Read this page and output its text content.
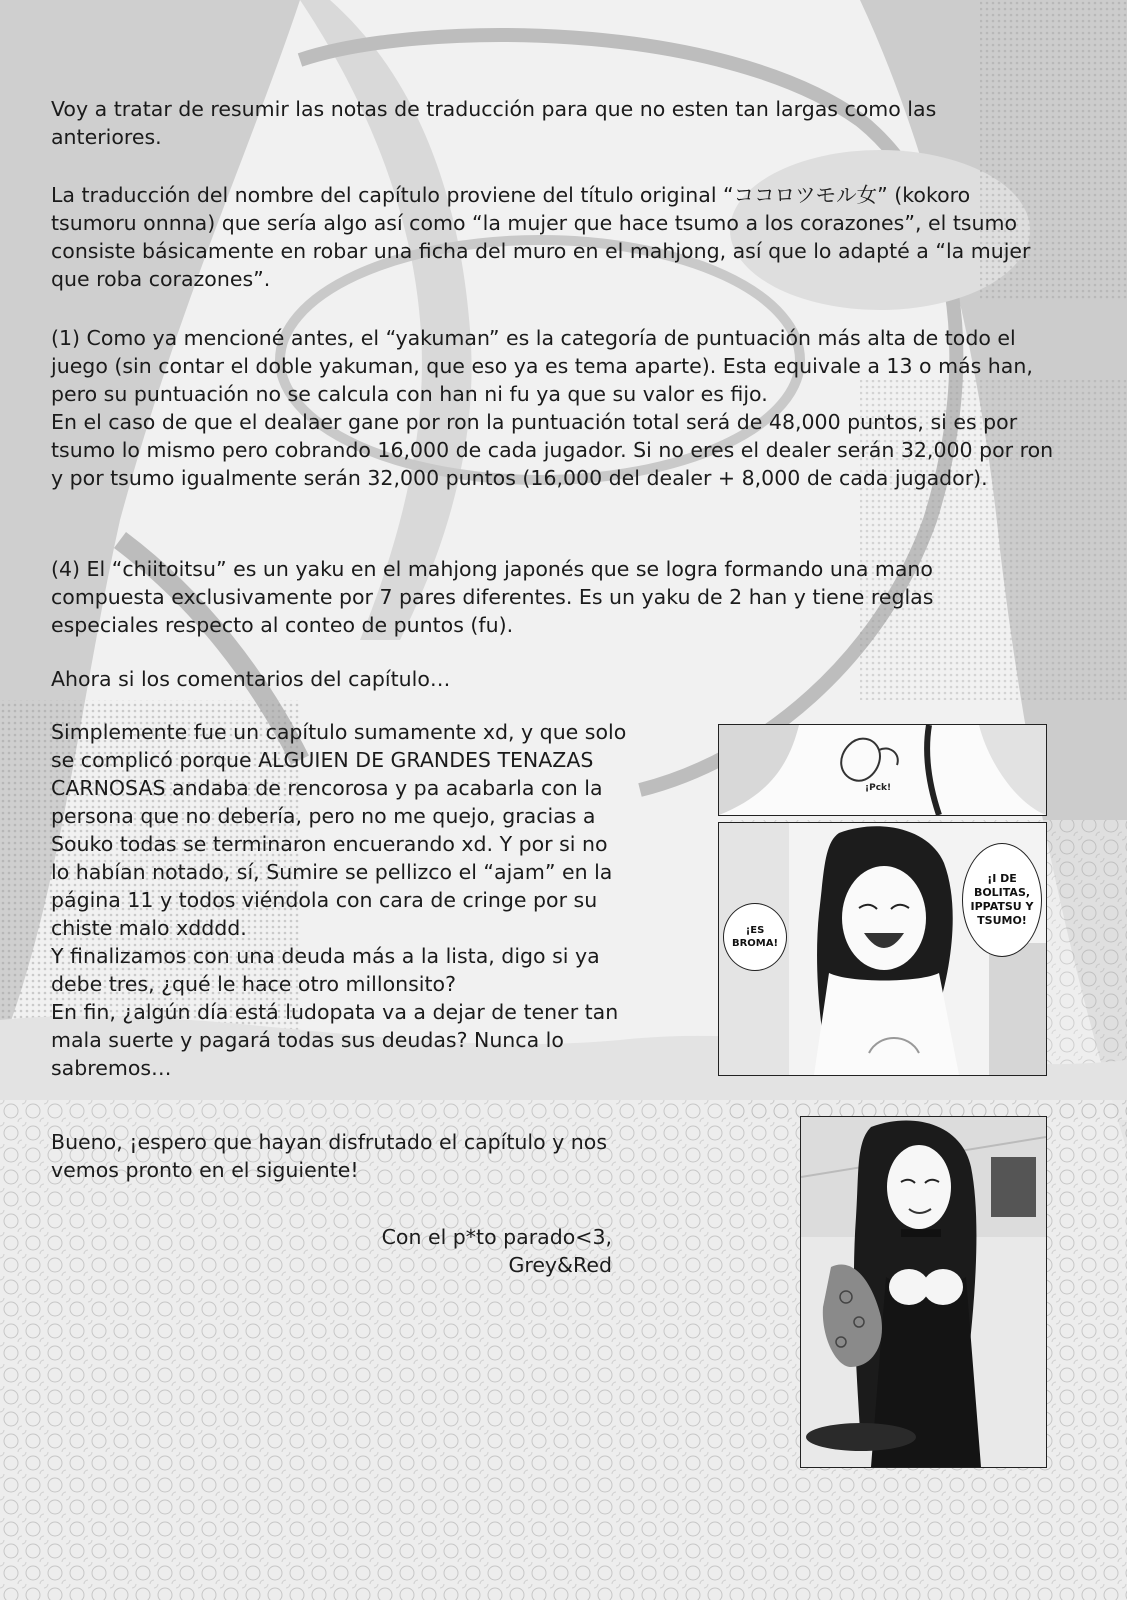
Voy a tratar de resumir las notas de traducción para que no esten tan largas como las anteriores.
La traducción del nombre del capítulo proviene del título original “ココロツモル女” (kokoro tsumoru onnna) que sería algo así como “la mujer que hace tsumo a los corazones”, el tsumo consiste básicamente en robar una ficha del muro en el mahjong, así que lo adapté a “la mujer que roba corazones”.
(1) Como ya mencioné antes, el “yakuman” es la categoría de puntuación más alta de todo el juego (sin contar el doble yakuman, que eso ya es tema aparte). Esta equivale a 13 o más han, pero su puntuación no se calcula con han ni fu ya que su valor es fijo.
En el caso de que el dealaer gane por ron la puntuación total será de 48,000 puntos, si es por tsumo lo mismo pero cobrando 16,000 de cada jugador. Si no eres el dealer serán 32,000 por ron y por tsumo igualmente serán 32,000 puntos (16,000 del dealer + 8,000 de cada jugador).
(4) El “chiitoitsu” es un yaku en el mahjong japonés que se logra formando una mano compuesta exclusivamente por 7 pares diferentes. Es un yaku de 2 han y tiene reglas especiales respecto al conteo de puntos (fu).
Ahora si los comentarios del capítulo…
Simplemente fue un capítulo sumamente xd, y que solo se complicó porque ALGUIEN DE GRANDES TENAZAS CARNOSAS andaba de rencorosa y pa acabarla con la persona que no debería, pero no me quejo, gracias a Souko todas se terminaron encuerando xd. Y por si no lo habían notado, sí, Sumire se pellizco el “ajam” en la página 11 y todos viéndola con cara de cringe por su chiste malo xdddd.
Y finalizamos con una deuda más a la lista, digo si ya debe tres, ¿qué le hace otro millonsito?
En fin, ¿algún día está ludopata va a dejar de tener tan mala suerte y pagará todas sus deudas? Nunca lo sabremos…
Bueno, ¡espero que hayan disfrutado el capítulo y nos vemos pronto en el siguiente!
Con el p*to parado<3,
Grey&Red
¡Pck!
¡ES BROMA!
¡I DE BOLITAS, IPPATSU Y TSUMO!
